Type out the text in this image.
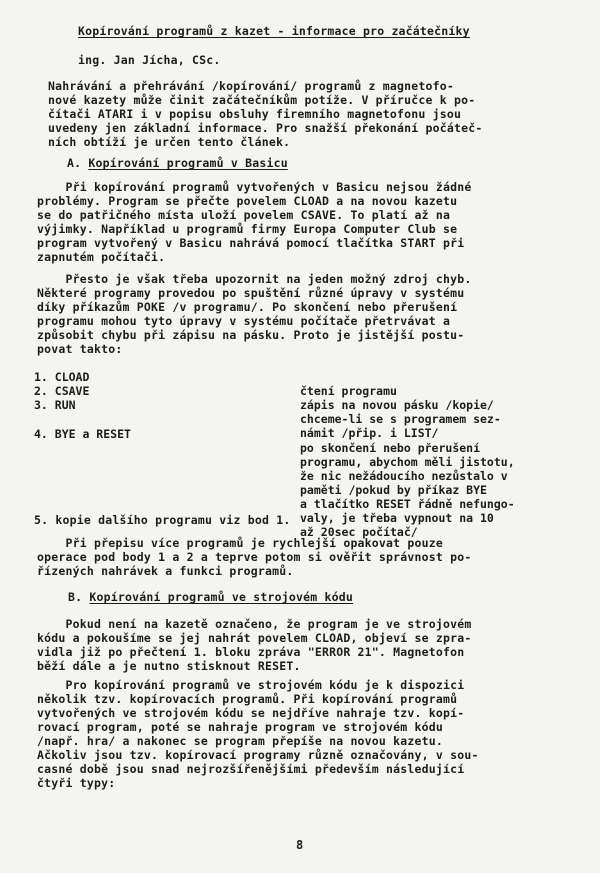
Kopírování programů z kazet - informace pro začátečníky
ing. Jan Jícha, CSc.
Nahrávání a přehrávání /kopírování/ programů z magnetofo-
nové kazety může činit začátečníkům potíže. V příručce k po-
čítači ATARI i v popisu obsluhy firemního magnetofonu jsou
uvedeny jen základní informace. Pro snažší překonání počáteč-
ních obtíží je určen tento článek.
A. Kopírování programů v Basicu
Při kopírování programů vytvořených v Basicu nejsou žádné
problémy. Program se přečte povelem CLOAD a na novou kazetu
se do patřičného místa uloží povelem CSAVE. To platí až na
výjimky. Například u programů firmy Europa Computer Club se
program vytvořený v Basicu nahrává pomocí tlačítka START při
zapnutém počítači.
Přesto je však třeba upozornit na jeden možný zdroj chyb.
Některé programy provedou po spuštění různé úpravy v systému
díky příkazům POKE /v programu/. Po skončení nebo přerušení
programu mohou tyto úpravy v systému počítače přetrvávat a
způsobit chybu při zápisu na pásku. Proto je jistější postu-
povat takto:

1. CLOAD

čtení programu

2. CSAVE

zápis na novou pásku /kopie/

3. RUN

chceme-li se s programem sez-
námit /přip. i LIST/

4. BYE a RESET

po skončení nebo přerušení
programu, abychom měli jistotu,
že nic nežádoucího nezůstalo v
paměti /pokud by příkaz BYE
a tlačítko RESET řádně nefungo-
valy, je třeba vypnout na 10
až 20sec počítač/

5. kopie dalšího programu viz bod 1.
Při přepisu více programů je rychlejší opakovat pouze
operace pod body 1 a 2 a teprve potom si ověřit správnost po-
řízených nahrávek a funkci programů.
B. Kopírování programů ve strojovém kódu
Pokud není na kazetě označeno, že program je ve strojovém
kódu a pokoušíme se jej nahrát povelem CLOAD, objeví se zpra-
vidla již po přečtení 1. bloku zpráva "ERROR 21". Magnetofon
běží dále a je nutno stisknout RESET.
Pro kopírování programů ve strojovém kódu je k dispozici
několik tzv. kopírovacích programů. Při kopírování programů
vytvořených ve strojovém kódu se nejdříve nahraje tzv. kopí-
rovací program, poté se nahraje program ve strojovém kódu
/např. hra/ a nakonec se program přepíše na novou kazetu.
Ačkoliv jsou tzv. kopírovací programy různě označovány, v sou-
casné době jsou snad nejrozšířenějšími především následující
čtyři typy:
8
